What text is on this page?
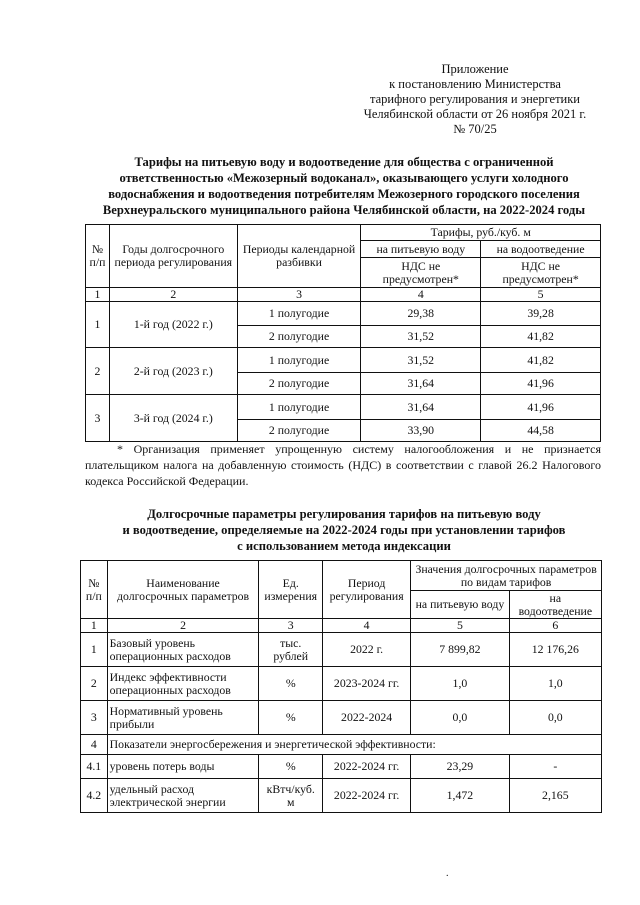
Приложение
к постановлению Министерства
тарифного регулирования и энергетики
Челябинской области от 26 ноября 2021 г.
№ 70/25
Тарифы на питьевую воду и водоотведение для общества с ограниченной
ответственностью «Межозерный водоканал», оказывающего услуги холодного
водоснабжения и водоотведения потребителям Межозерного городского поселения
Верхнеуральского муниципального района Челябинской области, на 2022-2024 годы
№ п/п	Годы долгосрочного периода регулирования	Периоды календарной разбивки	Тарифы, руб./куб. м	
			на питьевую воду	на водоотведение
			НДС не предусмотрен*	НДС не предусмотрен*
1	2	3	4	5
1	1-й год (2022 г.)	1 полугодие	29,38	39,28
		2 полугодие	31,52	41,82
2	2-й год (2023 г.)	1 полугодие	31,52	41,82
		2 полугодие	31,64	41,96
3	3-й год (2024 г.)	1 полугодие	31,64	41,96
		2 полугодие	33,90	44,58
* Организация применяет упрощенную систему налогообложения и не признается плательщиком налога на добавленную стоимость (НДС) в соответствии с главой 26.2 Налогового кодекса Российской Федерации.
Долгосрочные параметры регулирования тарифов на питьевую воду
и водоотведение, определяемые на 2022-2024 годы при установлении тарифов
с использованием метода индексации
№ п/п	Наименование долгосрочных параметров	Ед. измерения	Период регулирования	Значения долгосрочных параметров по видам тарифов	
				на питьевую воду	на водоотведение
1	2	3	4	5	6
1	Базовый уровень операционных расходов	тыс. рублей	2022 г.	7 899,82	12 176,26
2	Индекс эффективности операционных расходов	%	2023-2024 гг.	1,0	1,0
3	Нормативный уровень прибыли	%	2022-2024	0,0	0,0
4	Показатели энергосбережения и энергетической эффективности:				
4.1	уровень потерь воды	%	2022-2024 гг.	23,29	-
4.2	удельный расход электрической энергии	кВтч/куб. м	2022-2024 гг.	1,472	2,165
.
